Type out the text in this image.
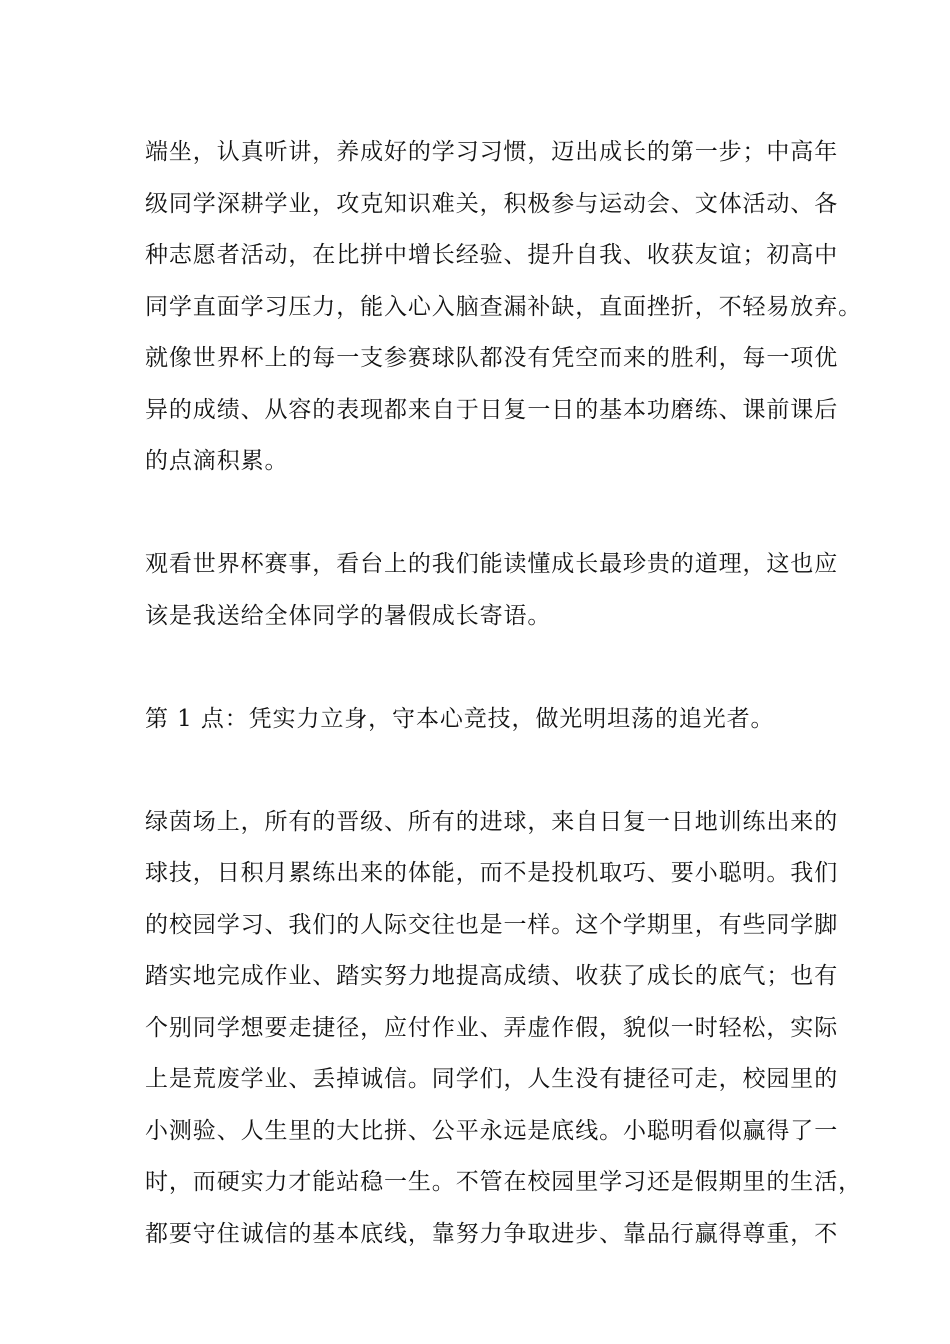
端坐，认真听讲，养成好的学习习惯，迈出成长的第一步；中高年
级同学深耕学业，攻克知识难关，积极参与运动会、文体活动、各
种志愿者活动，在比拼中增长经验、提升自我、收获友谊；初高中
同学直面学习压力，能入心入脑查漏补缺，直面挫折，不轻易放弃。
就像世界杯上的每一支参赛球队都没有凭空而来的胜利，每一项优
异的成绩、从容的表现都来自于日复一日的基本功磨练、课前课后
的点滴积累。
观看世界杯赛事，看台上的我们能读懂成长最珍贵的道理，这也应
该是我送给全体同学的暑假成长寄语。
第 1 点：凭实力立身，守本心竞技，做光明坦荡的追光者。
绿茵场上，所有的晋级、所有的进球，来自日复一日地训练出来的
球技，日积月累练出来的体能，而不是投机取巧、要小聪明。我们
的校园学习、我们的人际交往也是一样。这个学期里，有些同学脚
踏实地完成作业、踏实努力地提高成绩、收获了成长的底气；也有
个别同学想要走捷径，应付作业、弄虚作假，貌似一时轻松，实际
上是荒废学业、丢掉诚信。同学们，人生没有捷径可走，校园里的
小测验、人生里的大比拼、公平永远是底线。小聪明看似赢得了一
时，而硬实力才能站稳一生。不管在校园里学习还是假期里的生活，
都要守住诚信的基本底线，靠努力争取进步、靠品行赢得尊重，不
